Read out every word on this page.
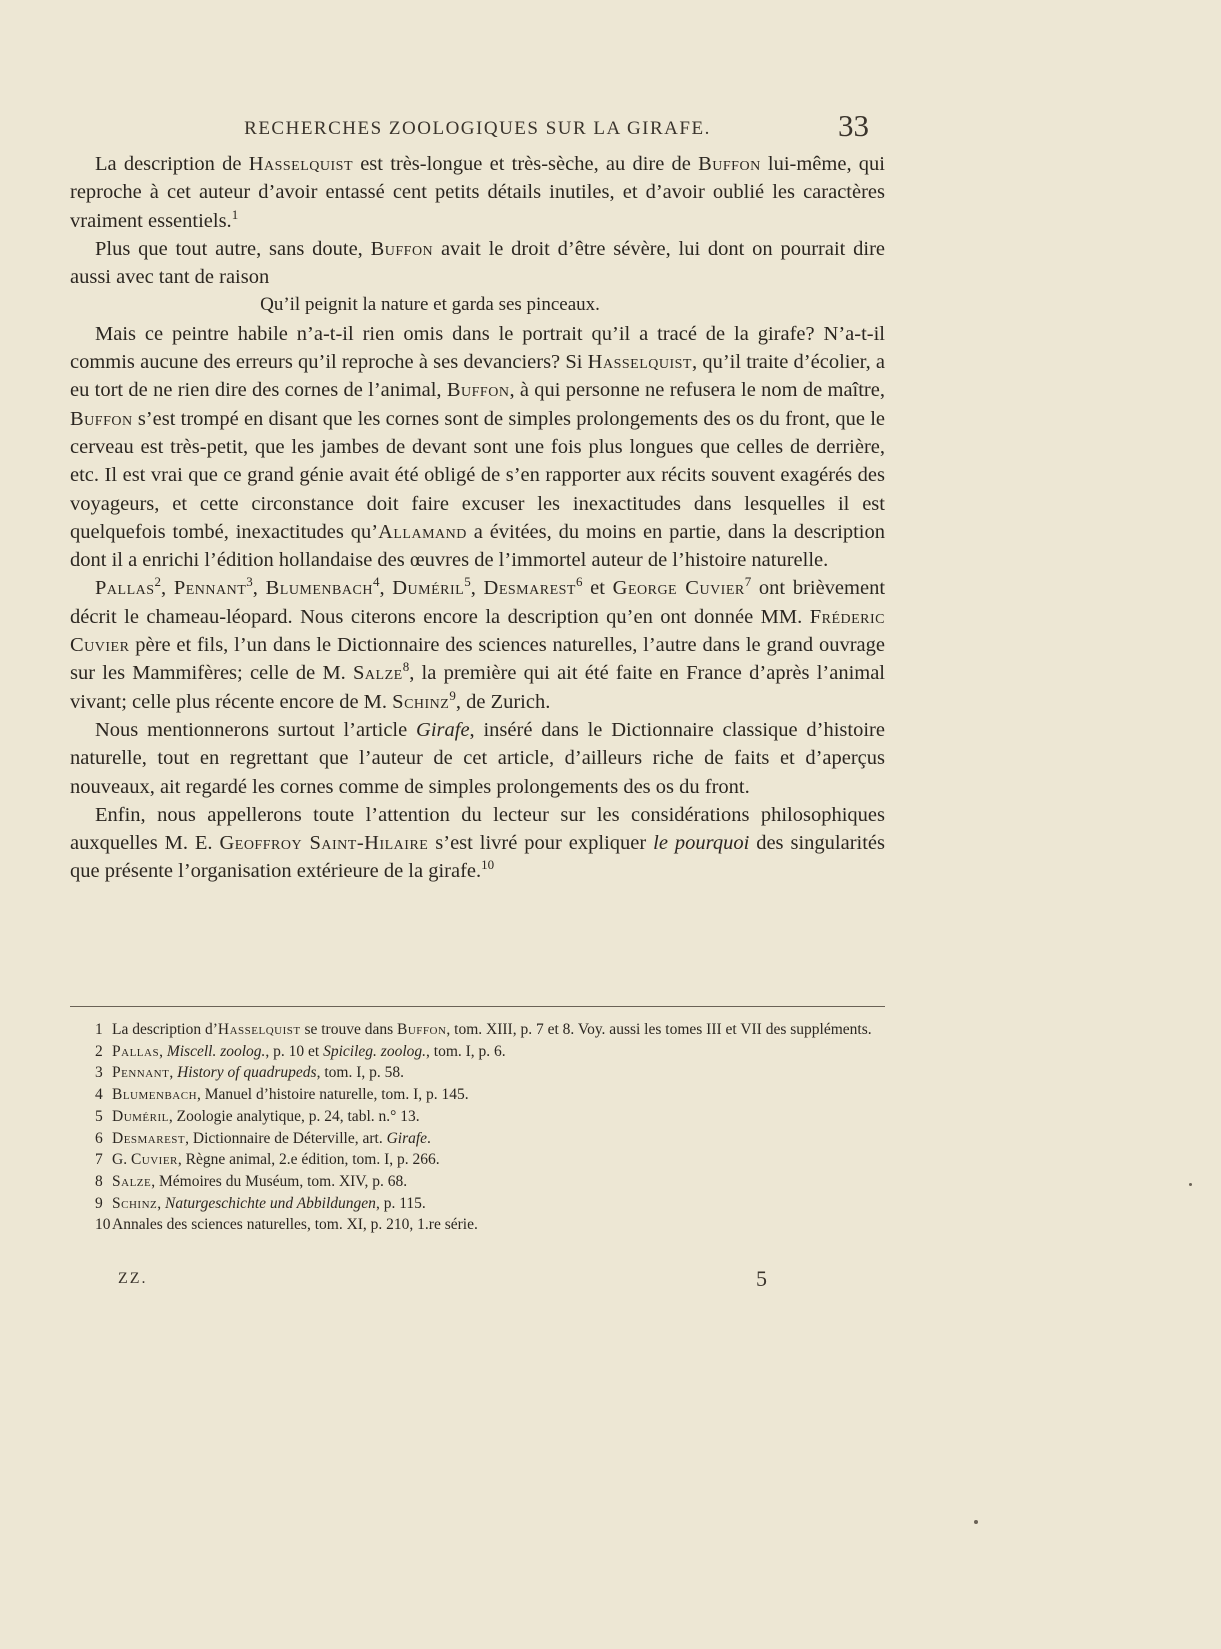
RECHERCHES ZOOLOGIQUES SUR LA GIRAFE.	33

La description de Hasselquist est très-longue et très-sèche, au dire de Buffon lui-même, qui reproche à cet auteur d’avoir entassé cent petits détails inutiles, et d’avoir oublié les caractères vraiment essentiels.$^1$

Plus que tout autre, sans doute, Buffon avait le droit d’être sévère, lui dont on pourrait dire aussi avec tant de raison

Qu’il peignit la nature et garda ses pinceaux.

Mais ce peintre habile n’a-t-il rien omis dans le portrait qu’il a tracé de la girafe? N’a-t-il commis aucune des erreurs qu’il reproche à ses devanciers? Si Hasselquist, qu’il traite d’écolier, a eu tort de ne rien dire des cornes de l’animal, Buffon, à qui personne ne refusera le nom de maître, Buffon s’est trompé en disant que les cornes sont de simples prolongements des os du front, que le cerveau est très-petit, que les jambes de devant sont une fois plus longues que celles de derrière, etc. Il est vrai que ce grand génie avait été obligé de s’en rapporter aux récits souvent exagérés des voyageurs, et cette circonstance doit faire excuser les inexactitudes dans lesquelles il est quelquefois tombé, inexactitudes qu’Allamand a évitées, du moins en partie, dans la description dont il a enrichi l’édition hollandaise des œuvres de l’immortel auteur de l’histoire naturelle.

Pallas$^2$, Pennant$^3$, Blumenbach$^4$, Duméril$^5$, Desmarest$^6$ et George Cuvier$^7$ ont brièvement décrit le chameau-léopard. Nous citerons encore la description qu’en ont donnée MM. Fréderic Cuvier père et fils, l’un dans le Dictionnaire des sciences naturelles, l’autre dans le grand ouvrage sur les Mammifères; celle de M. Salze$^8$, la première qui ait été faite en France d’après l’animal vivant; celle plus récente encore de M. Schinz$^9$, de Zurich.

Nous mentionnerons surtout l’article Girafe, inséré dans le Dictionnaire classique d’histoire naturelle, tout en regrettant que l’auteur de cet article, d’ailleurs riche de faits et d’aperçus nouveaux, ait regardé les cornes comme de simples prolongements des os du front.

Enfin, nous appellerons toute l’attention du lecteur sur les considérations philosophiques auxquelles M. E. Geoffroy Saint-Hilaire s’est livré pour expliquer le pourquoi des singularités que présente l’organisation extérieure de la girafe.$^{10}$

1 La description d’Hasselquist se trouve dans Buffon, tom. XIII, p. 7 et 8. Voy. aussi les tomes III et VII des suppléments.
2 Pallas, Miscell. zoolog., p. 10 et Spicileg. zoolog., tom. I, p. 6.
3 Pennant, History of quadrupeds, tom. I, p. 58.
4 Blumenbach, Manuel d’histoire naturelle, tom. I, p. 145.
5 Duméril, Zoologie analytique, p. 24, tabl. n.° 13.
6 Desmarest, Dictionnaire de Déterville, art. Girafe.
7 G. Cuvier, Règne animal, 2.e édition, tom. I, p. 266.
8 Salze, Mémoires du Muséum, tom. XIV, p. 68.
9 Schinz, Naturgeschichte und Abbildungen, p. 115.
10Annales des sciences naturelles, tom. XI, p. 210, 1.re série.
ZZ.	5
